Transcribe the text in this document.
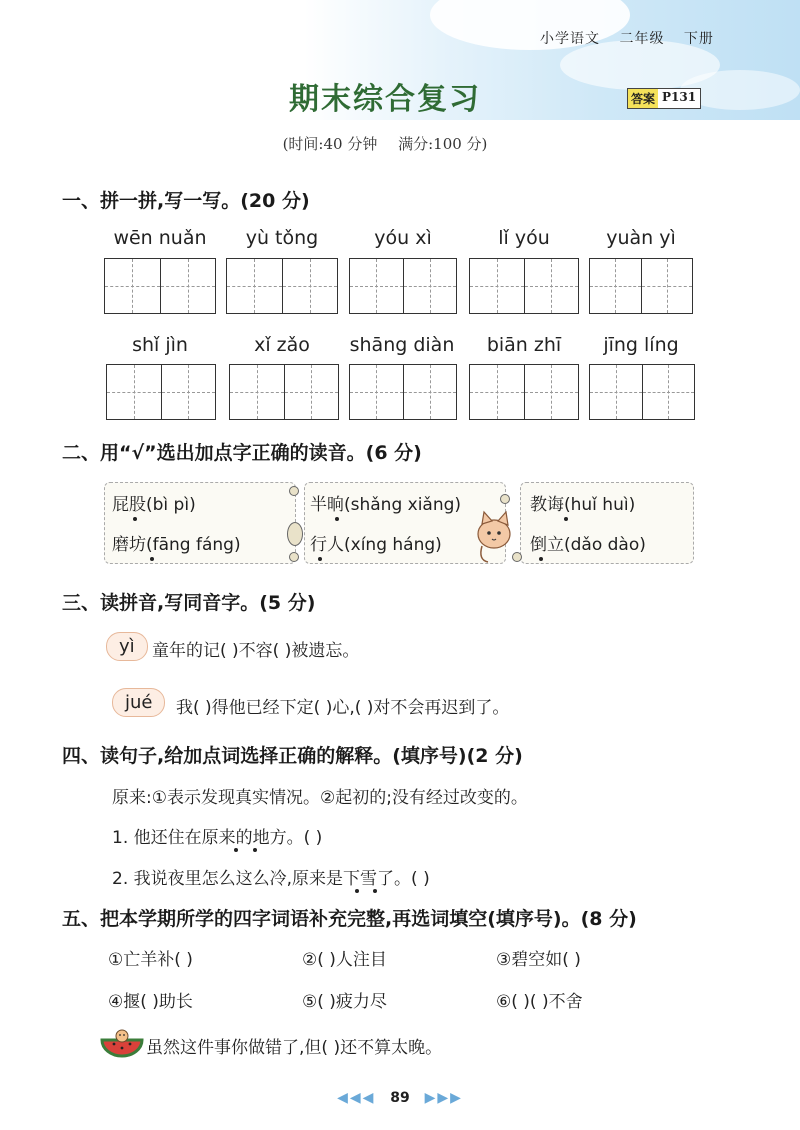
小学语文 二年级 下册
期末综合复习	答案 P131
(时间:40 分钟 满分:100 分)
一、拼一拼,写一写。(20 分)
wēn nuǎn	yù tǒng	yóu xì	lǐ yóu	yuàn yì
shǐ jìn	xǐ zǎo	shāng diàn	biān zhī	jīng líng
二、用“√”选出加点字正确的读音。(6 分)
屁股(bì pì)
磨坊(fāng fáng)
半晌(shǎng xiǎng)
行人(xíng háng)
教诲(huǐ huì)
倒立(dǎo dào)
三、读拼音,写同音字。(5 分)
yì	童年的记( )不容( )被遗忘。
jué	我( )得他已经下定( )心,( )对不会再迟到了。
四、读句子,给加点词选择正确的解释。(填序号)(2 分)
原来:①表示发现真实情况。②起初的;没有经过改变的。
1. 他还住在原来的地方。( )
2. 我说夜里怎么这么冷,原来是下雪了。( )
五、把本学期所学的四字词语补充完整,再选词填空(填序号)。(8 分)
①亡羊补( )	②( )人注目	③碧空如( )
④揠( )助长	⑤( )疲力尽	⑥( )( )不舍
虽然这件事你做错了,但( )还不算太晚。
◀◀◀ 89 ▶▶▶
